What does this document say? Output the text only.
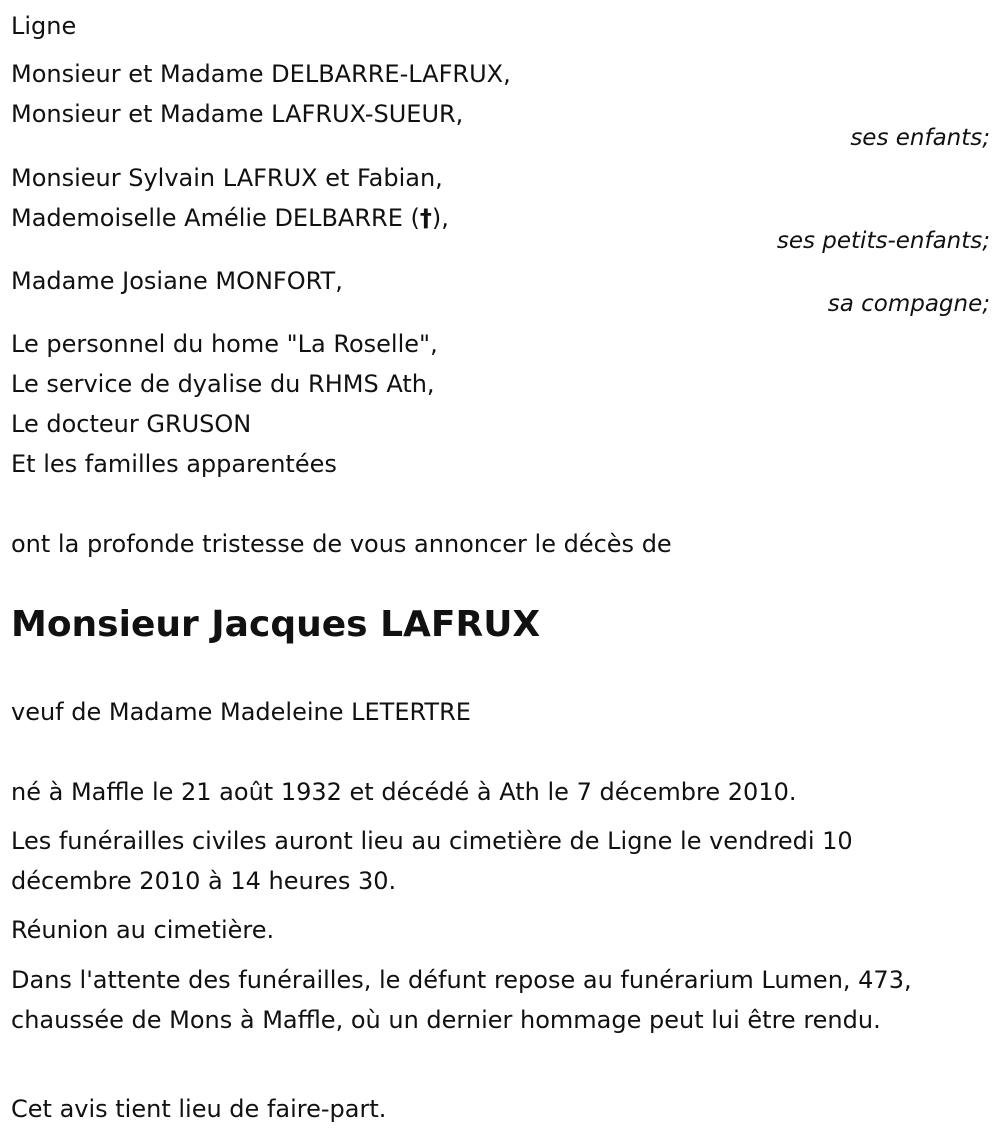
Ligne

Monsieur et Madame DELBARRE-LAFRUX,

Monsieur et Madame LAFRUX-SUEUR,

ses enfants;

Monsieur Sylvain LAFRUX et Fabian,

Mademoiselle Amélie DELBARRE (†),

ses petits-enfants;

Madame Josiane MONFORT,

sa compagne;

Le personnel du home "La Roselle",

Le service de dyalise du RHMS Ath,

Le docteur GRUSON

Et les familles apparentées

ont la profonde tristesse de vous annoncer le décès de

Monsieur Jacques LAFRUX

veuf de Madame Madeleine LETERTRE

né à Maffle le 21 août 1932 et décédé à Ath le 7 décembre 2010.

Les funérailles civiles auront lieu au cimetière de Ligne le vendredi 10 décembre 2010 à 14 heures 30.

Réunion au cimetière.

Dans l'attente des funérailles, le défunt repose au funérarium Lumen, 473, chaussée de Mons à Maffle, où un dernier hommage peut lui être rendu.

Cet avis tient lieu de faire-part.
